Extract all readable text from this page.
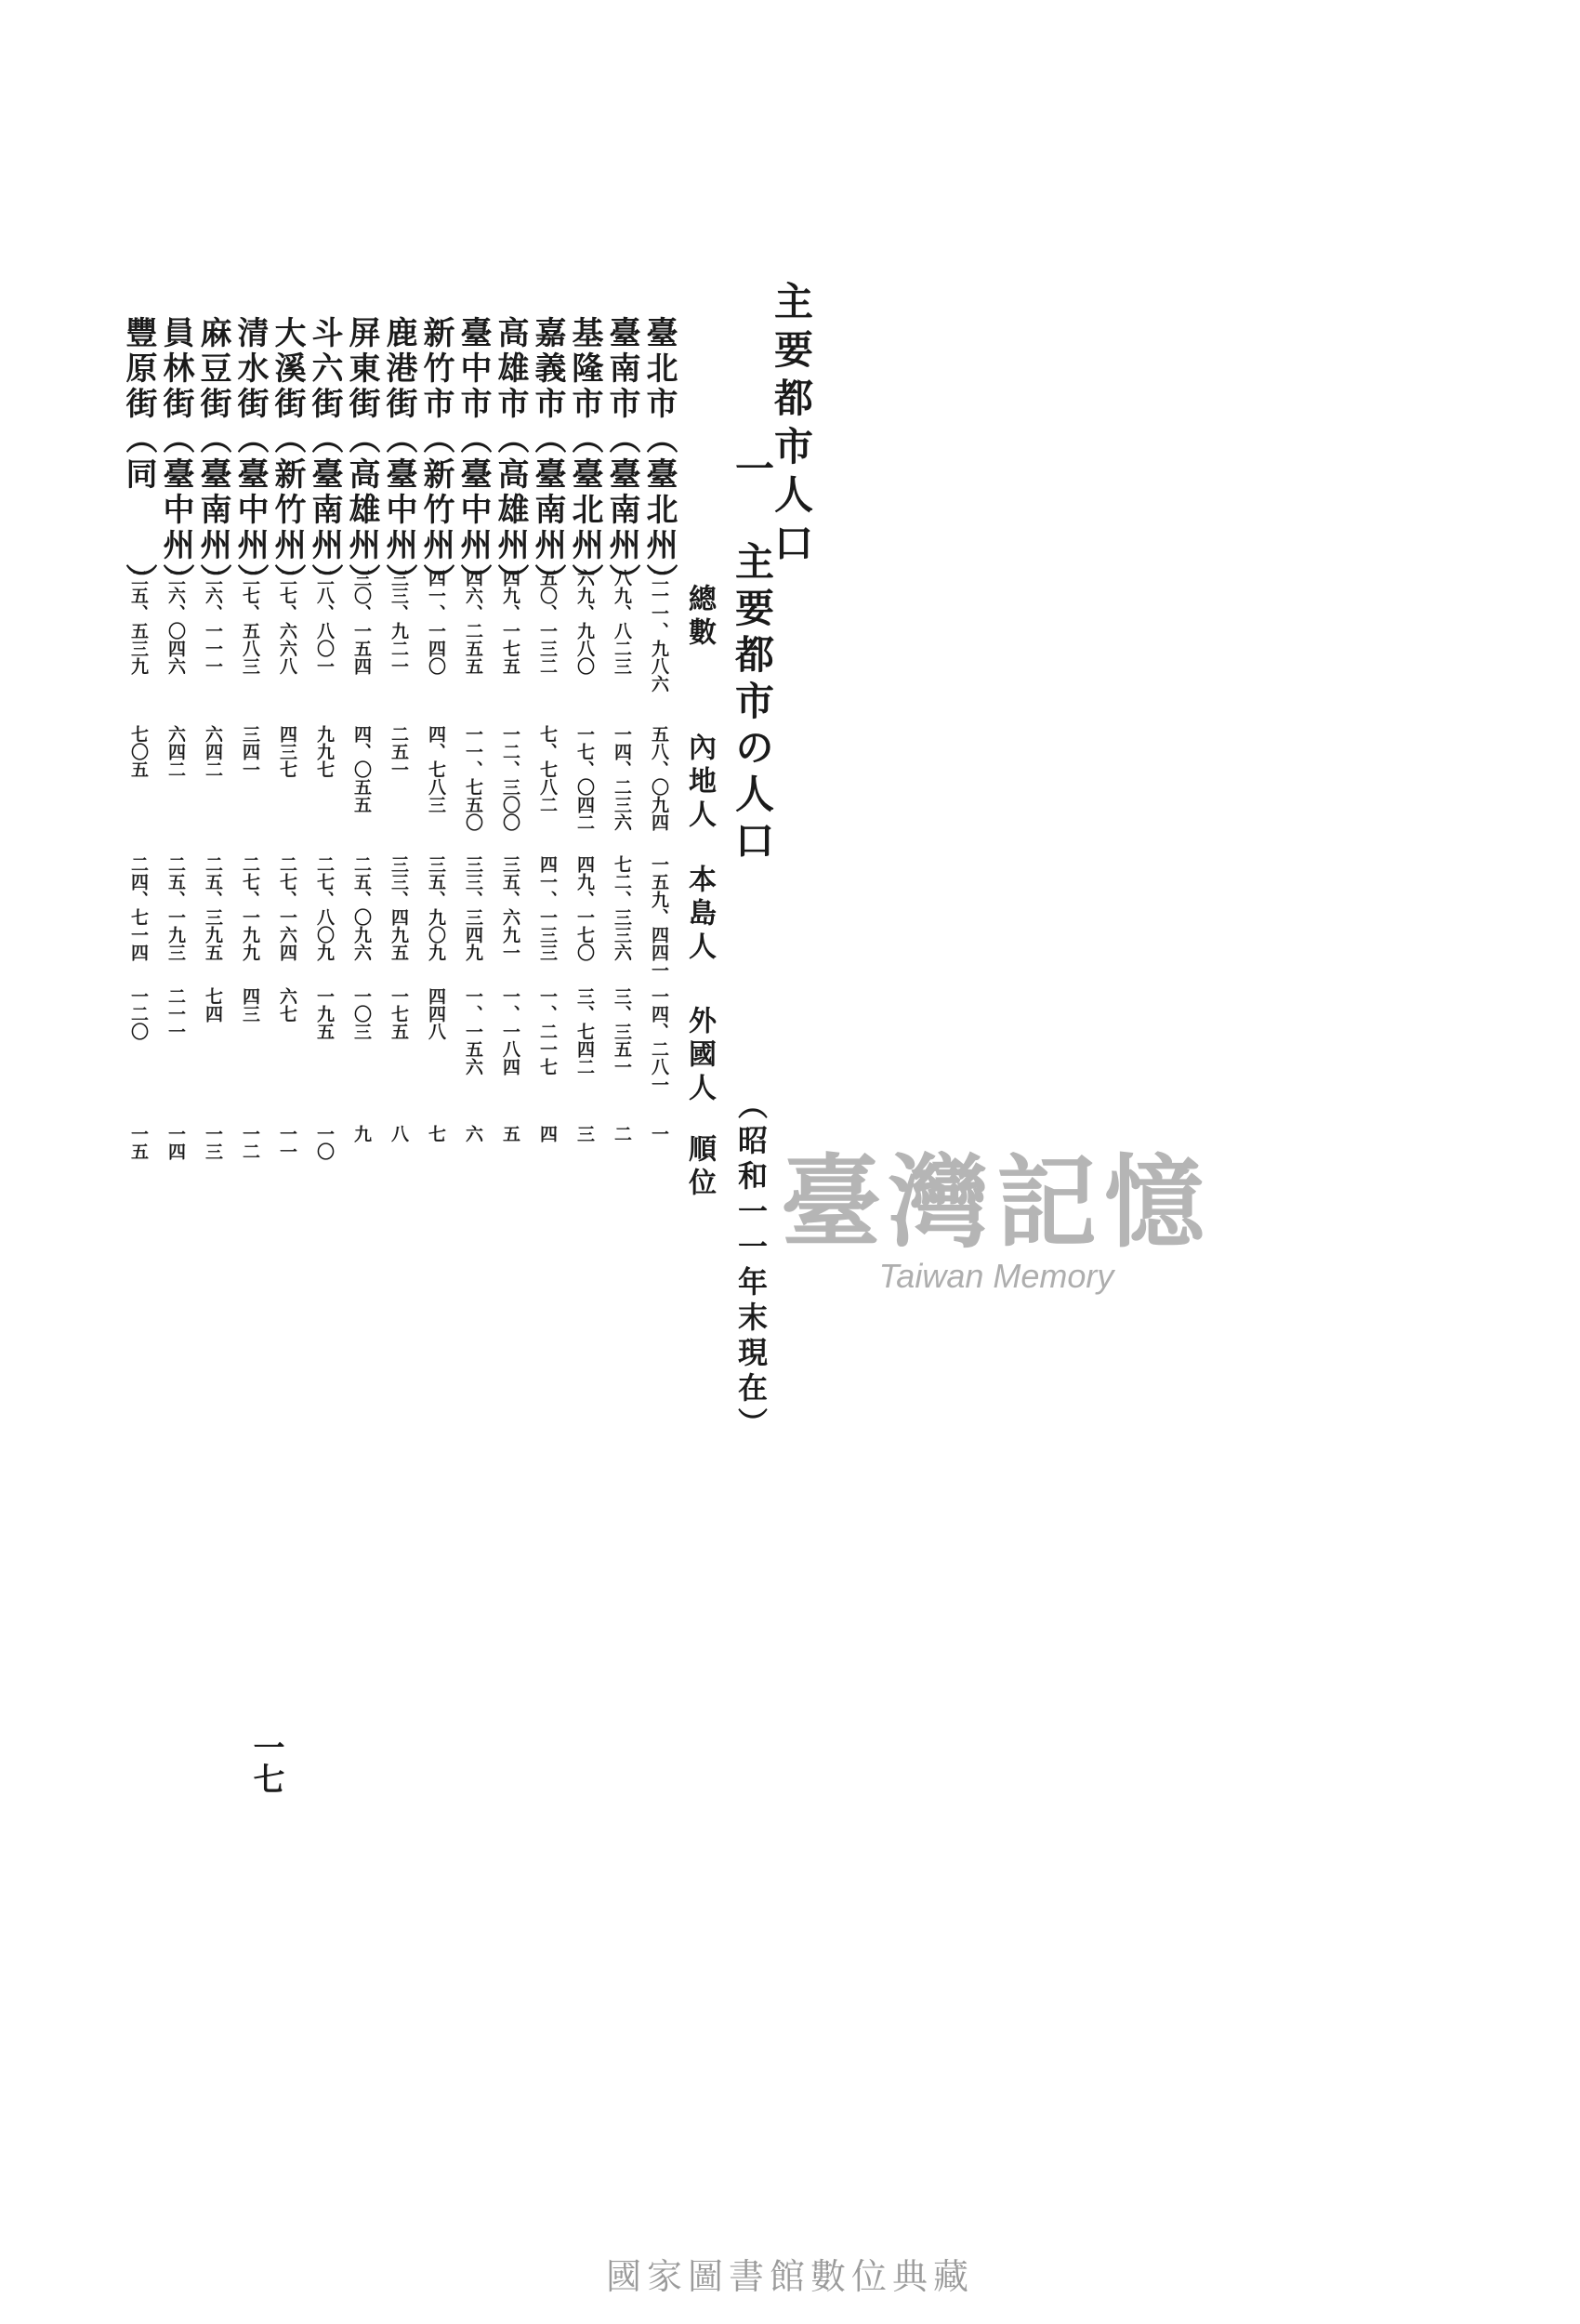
主要都市人口
一　主要都市の人口
（昭和一一年末現在）
總數
內地人
本島人
外國人
順位
臺北市（臺北州）
二一一、九八六
五八、〇九四
一五九、四四一
一四、二八一
一
臺南市（臺南州）
八九、八二三
一四、二三六
七二、三三六
三、三五一
二
基隆市（臺北州）
六九、九八〇
一七、〇四二
四九、一七〇
三、七四二
三
嘉義市（臺南州）
五〇、一三二
七、七八二
四一、一三三
一、二一七
四
高雄市（高雄州）
四九、一七五
一二、三〇〇
三五、六九一
一、一八四
五
臺中市（臺中州）
四六、二五五
一一、七五〇
三三、三四九
一、一五六
六
新竹市（新竹州）
四一、一四〇
四、七八三
三五、九〇九
四四八
七
鹿港街（臺中州）
三三、九二一
二五一
三三、四九五
一七五
八
屏東街（高雄州）
三〇、一五四
四、〇五五
二五、〇九六
一〇三
九
斗六街（臺南州）
二八、八〇一
九九七
二七、八〇九
一九五
一〇
大溪街（新竹州）
二七、六六八
四三七
二七、一六四
六七
一一
清水街（臺中州）
二七、五八三
三四一
二七、一九九
四三
一二
麻豆街（臺南州）
二六、一一一
六四二
二五、三九五
七四
一三
員林街（臺中州）
二六、〇四六
六四二
二五、一九三
二一一
一四
豐原街（同　　）
二五、五三九
七〇五
二四、七一四
一二〇
一五
一七
臺灣記憶
Taiwan Memory
國家圖書館數位典藏
